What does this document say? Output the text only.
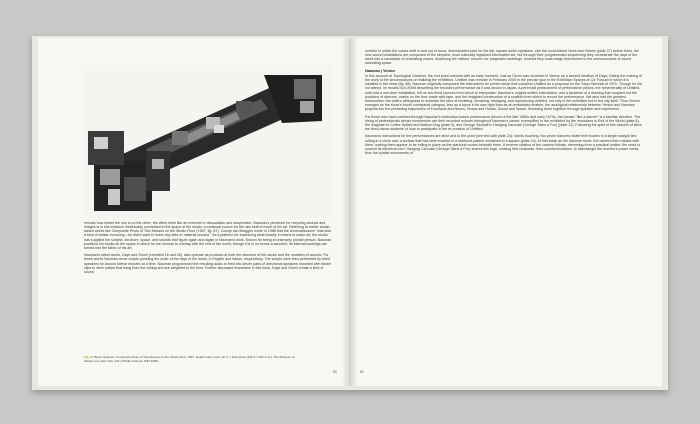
reveals how reliant the one is on the other; the video feels like an exercise in dissociation and suspension. Nauman's penchant for recycling sounds and images is in this instance inextricably connected to the space of the studio, a continual source for the raw stuff of much of his art. Referring to earlier studio-based works like Composite Photo of Two Messes on the Studio Floor (1967, fig. 67), Coosje van Bruggen wrote in 1988 that the reconnaissance "was also a kind of artistic economy—he didn't want to leave any idea or material unused." As a platform for examining what exactly it means to make art, the studio has supplied the subject, structure, space, and sounds that figure again and again in Nauman's work. Known for being an intensely private person, Nauman positions his studio as the space in which he can choose to overlap with the rest of the world, though it is in no sense a sanctum; its internal workings are turned into the fabric of his art.

Nauman's latest works, Days and Giorni (checklist 16 and 25), also operate as products of both the structure of the studio and the mutation of sounds. For these works Nauman wrote scripts jumbling the order of the days of the week, in English and Italian, respectively. The scripts were then performed by hired speakers for around twelve minutes at a time. Nauman programmed the resulting audio to feed into seven pairs of directional speakers mounted with binder clips to steel cables that hang from the ceiling and are weighted to the floor. Further discussed elsewhere in this book, Days and Giorni create a kind of sound

Fig. 67 Bruce Nauman, Composite Photo of Two Messes on the Studio Floor, 1967. Gelatin silver print, 40 ½ × 119 inches (102.9 × 302.3 cm). The Museum of Modern Art, New York; Gift of Philip Johnson (635.1984)
60

corridor in which the voices shift in and out of focus, disembodied save for the flat, square audio speakers. Like the word-based Vices and Virtues (plate 27) before them, the new sound installations are composed of the simplest, most culturally ingrained information set, but through their programmatic sequencing they orchestrate the days of the week into a cavalcade of undulating voices, dissolving the visitors' concern for pragmatic meanings. Instead they must resign themselves to the sensuousness of sound saturating space.

Nauman | Venice

In this account of Topological Gardens, the end point coexists with an early moment. Just as Giorni was recorded in Venice as a second iteration of Days, linking the making of the work to the circumstances of realizing the exhibition, Untitled was remade in February 2009 in the precise spot in the Exhibition Spaces at Ca' Foscari in which it is installed in the show (fig. 68). Nauman originally composed the instructions for performance that comprise Untitled as a proposal for the Tokyo Biennial of 1970. Though he did not attend, he recalls Sol LeWitt describing the recorded performance as it was shown in Japan. A perennial predicament of performance pieces, the ephemerality of Untitled, until now a one-time installation, left us two fixed sources from which to interpolate: Nauman's original written instructions, and a facsimile of a drawing that roughed out the positions of dancers, marks on the floor made with tape, and the imagined construction of a scaffold from which to record the performance. We also had the greatest ammunition: the artist's willingness to entertain the idea of revisiting, remaking, restaging, and reproducing Untitled, not only in the exhibition but in the city itself. Thus Venice emerges as the show's fourth conceptual category, less as a topos in its own right than as an embedded enabler, the analogical relationship between Venice and Nauman projects into the preceding trajectories of Fountains and Neons, Heads and Hands, Sound and Space, threading them together through speaker and experience.

For those who have combed through Nauman's instruction-based performance pieces of the late 1960s and early 1970s, the phrase "like a dancer" is a familiar directive. The hiring of professionals whose movements are their recorded echoes throughout Nauman's career, exemplified in the exhibition by the musicians in End of the World (plate 6), the magician in Coffee Spilled and Balloon Dog (plate 3), and George Stumpff in Hanging Carousel (George Skins a Fox) (plate 12). Following the spirit of this division of labor, we hired dance students of Iuav to participate in the re-creation of Untitled.

Nauman's instructions for the performances are strict and to the point (see text with plate 24): hands touching, two prone dancers rotate their bodies in a single straight line, rolling in a circle over a surface that has been marked in a starburst pattern contained in a square (plate 24). At first static as the dancers move, the camera then rotates with them, making them appear to be rolling in place as the starburst moves beneath them. A reverse rotation of the camera follows, stemming from a practical matter: the need to unravel its electrical cord. Hanging Carousel (George Skins a Fox) shares this logic, rotating first clockwise, then counterclockwise, to disentangle the monitor's power cords; thus the spatial movements of

61
